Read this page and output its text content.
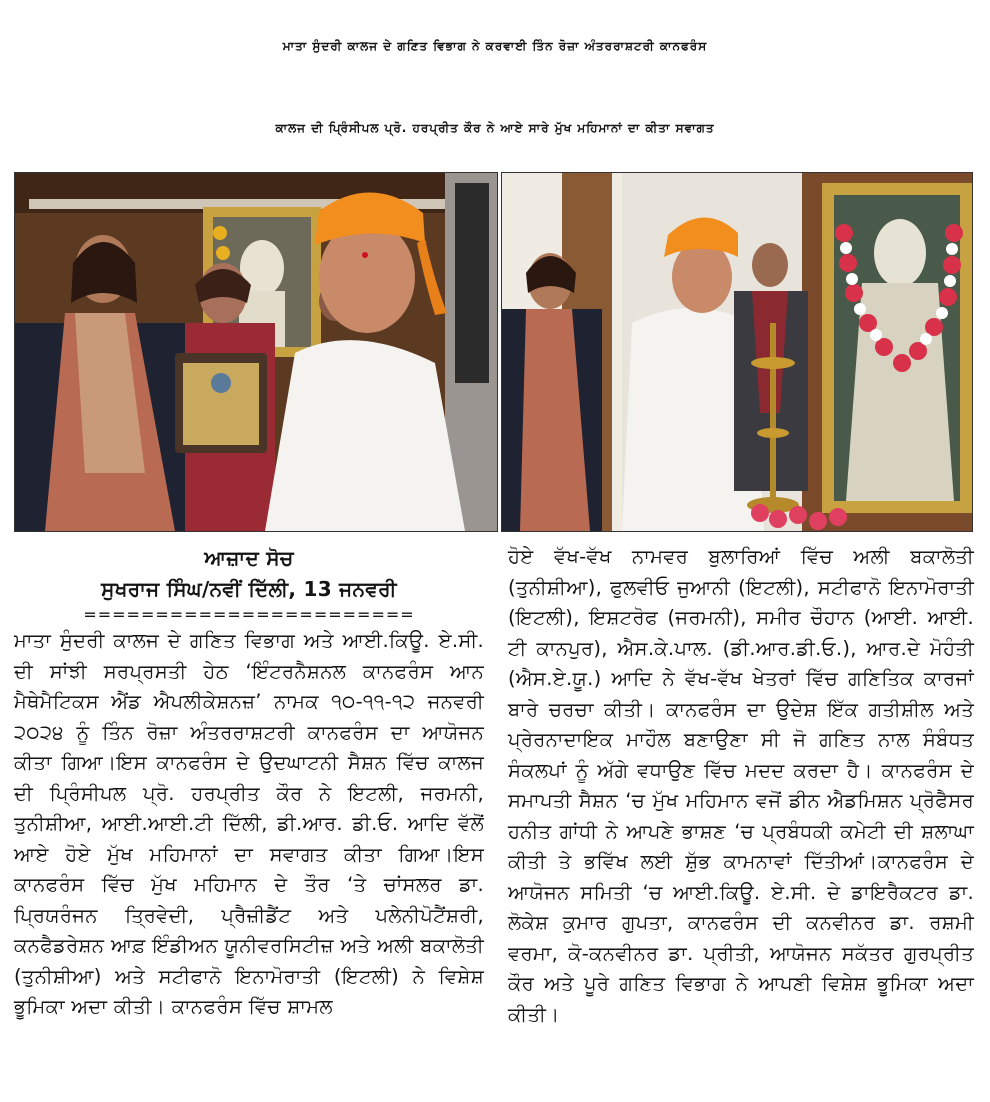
ਮਾਤਾ ਸੁੰਦਰੀ ਕਾਲਜ ਦੇ ਗਣਿਤ ਵਿਭਾਗ ਨੇ ਕਰਵਾਈ ਤਿੰਨ ਰੋਜ਼ਾ ਅੰਤਰਰਾਸ਼ਟਰੀ ਕਾਨਫਰੰਸ
ਕਾਲਜ ਦੀ ਪ੍ਰਿੰਸੀਪਲ ਪ੍ਰੋ. ਹਰਪ੍ਰੀਤ ਕੌਰ ਨੇ ਆਏ ਸਾਰੇ ਮੁੱਖ ਮਹਿਮਾਨਾਂ ਦਾ ਕੀਤਾ ਸਵਾਗਤ
ਆਜ਼ਾਦ ਸੋਚ
ਸੁਖਰਾਜ ਸਿੰਘ/ਨਵੀਂ ਦਿੱਲੀ, 13 ਜਨਵਰੀ
=======================

ਮਾਤਾ ਸੁੰਦਰੀ ਕਾਲਜ ਦੇ ਗਣਿਤ ਵਿਭਾਗ ਅਤੇ ਆਈ.ਕਿਊ. ਏ.ਸੀ. ਦੀ ਸਾਂਝੀ ਸਰਪ੍ਰਸਤੀ ਹੇਠ ‘ਇੰਟਰਨੈਸ਼ਨਲ ਕਾਨਫਰੰਸ ਆਨ ਮੈਥੇਮੈਟਿਕਸ ਐਂਡ ਐਪਲੀਕੇਸ਼ਨਜ਼’ ਨਾਮਕ ੧੦-੧੧-੧੨ ਜਨਵਰੀ ੨੦੨੪ ਨੂੰ ਤਿੰਨ ਰੋਜ਼ਾ ਅੰਤਰਰਾਸ਼ਟਰੀ ਕਾਨਫਰੰਸ ਦਾ ਆਯੋਜਨ ਕੀਤਾ ਗਿਆ।ਇਸ ਕਾਨਫਰੰਸ ਦੇ ਉਦਘਾਟਨੀ ਸੈਸ਼ਨ ਵਿੱਚ ਕਾਲਜ ਦੀ ਪ੍ਰਿੰਸੀਪਲ ਪ੍ਰੋ. ਹਰਪ੍ਰੀਤ ਕੌਰ ਨੇ ਇਟਲੀ, ਜਰਮਨੀ, ਤੁਨੀਸ਼ੀਆ, ਆਈ.ਆਈ.ਟੀ ਦਿੱਲੀ, ਡੀ.ਆਰ. ਡੀ.ਓ. ਆਦਿ ਵੱਲੋਂ ਆਏ ਹੋਏ ਮੁੱਖ ਮਹਿਮਾਨਾਂ ਦਾ ਸਵਾਗਤ ਕੀਤਾ ਗਿਆ।ਇਸ ਕਾਨਫਰੰਸ ਵਿੱਚ ਮੁੱਖ ਮਹਿਮਾਨ ਦੇ ਤੌਰ ‘ਤੇ ਚਾਂਸਲਰ ਡਾ. ਪ੍ਰਿਯਰੰਜਨ ਤ੍ਰਿਵੇਦੀ, ਪ੍ਰੈਜ਼ੀਡੈਂਟ ਅਤੇ ਪਲੇਨੀਪੋਟੈਂਸ਼ਰੀ, ਕਨਫੈਡਰੇਸ਼ਨ ਆਫ਼ ਇੰਡੀਅਨ ਯੂਨੀਵਰਸਿਟੀਜ਼ ਅਤੇ ਅਲੀ ਬਕਾਲੋਤੀ (ਤੁਨੀਸ਼ੀਆ) ਅਤੇ ਸਟੀਫਾਨੋ ਇਨਾਮੋਰਾਤੀ (ਇਟਲੀ) ਨੇ ਵਿਸ਼ੇਸ਼ ਭੂਮਿਕਾ ਅਦਾ ਕੀਤੀ। ਕਾਨਫਰੰਸ ਵਿੱਚ ਸ਼ਾਮਲ

ਹੋਏ ਵੱਖ-ਵੱਖ ਨਾਮਵਰ ਬੁਲਾਰਿਆਂ ਵਿੱਚ ਅਲੀ ਬਕਾਲੋਤੀ (ਤੁਨੀਸ਼ੀਆ), ਫੁਲਵੀਓ ਜੁਆਨੀ (ਇਟਲੀ), ਸਟੀਫਾਨੋ ਇਨਾਮੋਰਾਤੀ (ਇਟਲੀ), ਇਸ਼ਟਰੋਫ (ਜਰਮਨੀ), ਸਮੀਰ ਚੌਹਾਨ (ਆਈ. ਆਈ. ਟੀ ਕਾਨਪੁਰ), ਐਸ.ਕੇ.ਪਾਲ. (ਡੀ.ਆਰ.ਡੀ.ਓ.), ਆਰ.ਦੇ ਮੋਹੰਤੀ (ਐਸ.ਏ.ਯੂ.) ਆਦਿ ਨੇ ਵੱਖ-ਵੱਖ ਖੇਤਰਾਂ ਵਿੱਚ ਗਣਿਤਿਕ ਕਾਰਜਾਂ ਬਾਰੇ ਚਰਚਾ ਕੀਤੀ। ਕਾਨਫਰੰਸ ਦਾ ਉਦੇਸ਼ ਇੱਕ ਗਤੀਸ਼ੀਲ ਅਤੇ ਪ੍ਰੇਰਨਾਦਾਇਕ ਮਾਹੌਲ ਬਣਾਉਣਾ ਸੀ ਜੋ ਗਣਿਤ ਨਾਲ ਸੰਬੰਧਤ ਸੰਕਲਪਾਂ ਨੂੰ ਅੱਗੇ ਵਧਾਉਣ ਵਿੱਚ ਮਦਦ ਕਰਦਾ ਹੈ। ਕਾਨਫਰੰਸ ਦੇ ਸਮਾਪਤੀ ਸੈਸ਼ਨ ‘ਚ ਮੁੱਖ ਮਹਿਮਾਨ ਵਜੋਂ ਡੀਨ ਐਡਮਿਸ਼ਨ ਪ੍ਰੋਫੈਸਰ ਹਨੀਤ ਗਾਂਧੀ ਨੇ ਆਪਣੇ ਭਾਸ਼ਣ ‘ਚ ਪ੍ਰਬੰਧਕੀ ਕਮੇਟੀ ਦੀ ਸ਼ਲਾਘਾ ਕੀਤੀ ਤੇ ਭਵਿੱਖ ਲਈ ਸ਼ੁੱਭ ਕਾਮਨਾਵਾਂ ਦਿੱਤੀਆਂ।ਕਾਨਫਰੰਸ ਦੇ ਆਯੋਜਨ ਸਮਿਤੀ ‘ਚ ਆਈ.ਕਿਊ. ਏ.ਸੀ. ਦੇ ਡਾਇਰੈਕਟਰ ਡਾ. ਲੋਕੇਸ਼ ਕੁਮਾਰ ਗੁਪਤਾ, ਕਾਨਫਰੰਸ ਦੀ ਕਨਵੀਨਰ ਡਾ. ਰਸ਼ਮੀ ਵਰਮਾ, ਕੋ-ਕਨਵੀਨਰ ਡਾ. ਪ੍ਰੀਤੀ, ਆਯੋਜਨ ਸਕੱਤਰ ਗੁਰਪ੍ਰੀਤ ਕੌਰ ਅਤੇ ਪੂਰੇ ਗਣਿਤ ਵਿਭਾਗ ਨੇ ਆਪਣੀ ਵਿਸ਼ੇਸ਼ ਭੂਮਿਕਾ ਅਦਾ ਕੀਤੀ।
